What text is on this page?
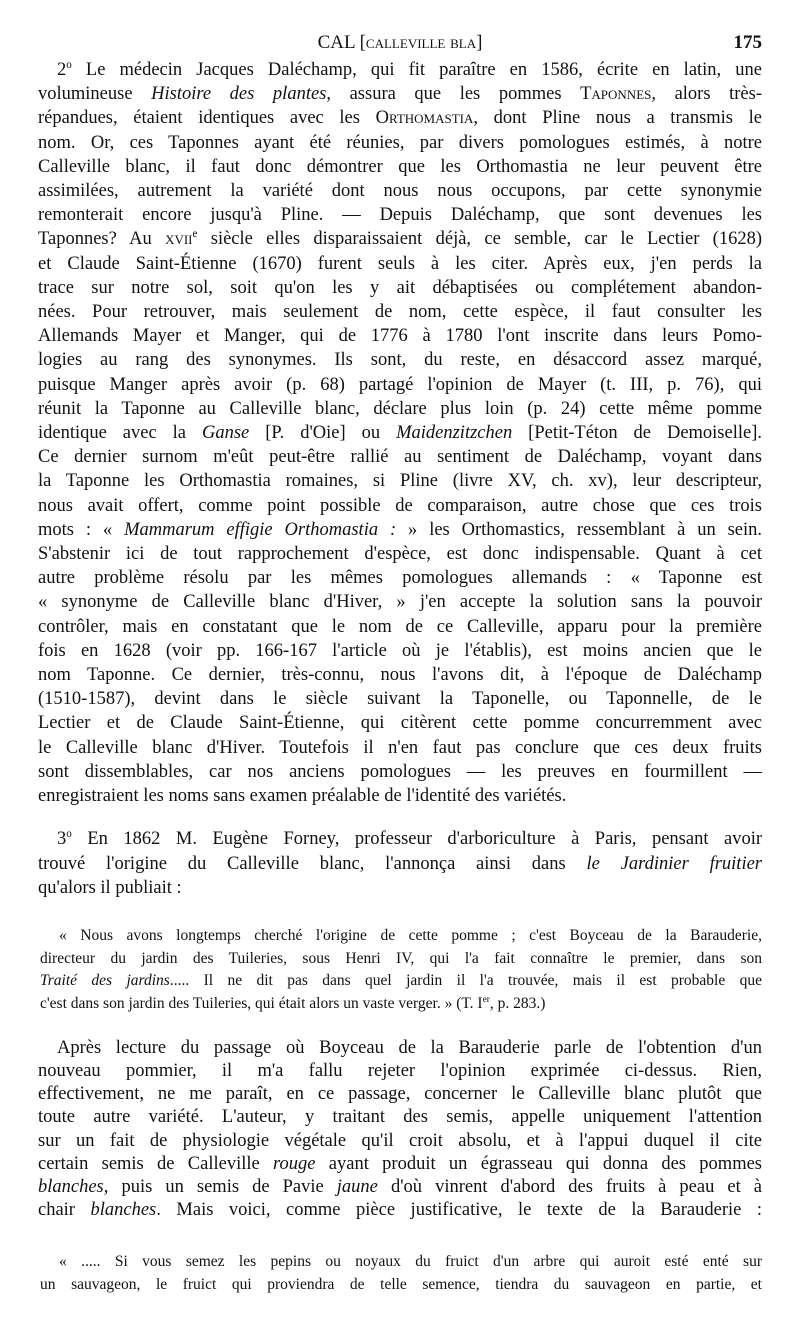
CAL [calleville bla]	175
2$^o$ Le médecin Jacques Daléchamp, qui fit paraître en 1586, écrite en latin, une
volumineuse Histoire des plantes, assura que les pommes Taponnes, alors très-
répandues, étaient identiques avec les Orthomastia, dont Pline nous a transmis le
nom. Or, ces Taponnes ayant été réunies, par divers pomologues estimés, à notre
Calleville blanc, il faut donc démontrer que les Orthomastia ne leur peuvent être
assimilées, autrement la variété dont nous nous occupons, par cette synonymie
remonterait encore jusqu'à Pline. — Depuis Daléchamp, que sont devenues les
Taponnes? Au xvii$^e$ siècle elles disparaissaient déjà, ce semble, car le Lectier (1628)
et Claude Saint-Étienne (1670) furent seuls à les citer. Après eux, j'en perds la
trace sur notre sol, soit qu'on les y ait débaptisées ou complétement abandon-
nées. Pour retrouver, mais seulement de nom, cette espèce, il faut consulter les
Allemands Mayer et Manger, qui de 1776 à 1780 l'ont inscrite dans leurs Pomo-
logies au rang des synonymes. Ils sont, du reste, en désaccord assez marqué,
puisque Manger après avoir (p. 68) partagé l'opinion de Mayer (t. III, p. 76), qui
réunit la Taponne au Calleville blanc, déclare plus loin (p. 24) cette même pomme
identique avec la Ganse [P. d'Oie] ou Maidenzitzchen [Petit-Téton de Demoiselle].
Ce dernier surnom m'eût peut-être rallié au sentiment de Daléchamp, voyant dans
la Taponne les Orthomastia romaines, si Pline (livre XV, ch. xv), leur descripteur,
nous avait offert, comme point possible de comparaison, autre chose que ces trois
mots : « Mammarum effigie Orthomastia : » les Orthomastics, ressemblant à un sein.
S'abstenir ici de tout rapprochement d'espèce, est donc indispensable. Quant à cet
autre problème résolu par les mêmes pomologues allemands : « Taponne est
« synonyme de Calleville blanc d'Hiver, » j'en accepte la solution sans la pouvoir
contrôler, mais en constatant que le nom de ce Calleville, apparu pour la première
fois en 1628 (voir pp. 166-167 l'article où je l'établis), est moins ancien que le
nom Taponne. Ce dernier, très-connu, nous l'avons dit, à l'époque de Daléchamp
(1510-1587), devint dans le siècle suivant la Taponelle, ou Taponnelle, de le
Lectier et de Claude Saint-Étienne, qui citèrent cette pomme concurremment avec
le Calleville blanc d'Hiver. Toutefois il n'en faut pas conclure que ces deux fruits
sont dissemblables, car nos anciens pomologues — les preuves en fourmillent —
enregistraient les noms sans examen préalable de l'identité des variétés.
3$^o$ En 1862 M. Eugène Forney, professeur d'arboriculture à Paris, pensant avoir
trouvé l'origine du Calleville blanc, l'annonça ainsi dans le Jardinier fruitier
qu'alors il publiait :
« Nous avons longtemps cherché l'origine de cette pomme ; c'est Boyceau de la Barauderie,
directeur du jardin des Tuileries, sous Henri IV, qui l'a fait connaître le premier, dans son
Traité des jardins..... Il ne dit pas dans quel jardin il l'a trouvée, mais il est probable que
c'est dans son jardin des Tuileries, qui était alors un vaste verger. » (T. Ier, p. 283.)
Après lecture du passage où Boyceau de la Barauderie parle de l'obtention d'un
nouveau pommier, il m'a fallu rejeter l'opinion exprimée ci-dessus. Rien,
effectivement, ne me paraît, en ce passage, concerner le Calleville blanc plutôt que
toute autre variété. L'auteur, y traitant des semis, appelle uniquement l'attention
sur un fait de physiologie végétale qu'il croit absolu, et à l'appui duquel il cite
certain semis de Calleville rouge ayant produit un égrasseau qui donna des pommes
blanches, puis un semis de Pavie jaune d'où vinrent d'abord des fruits à peau et à
chair blanches. Mais voici, comme pièce justificative, le texte de la Barauderie :
« ..... Si vous semez les pepins ou noyaux du fruict d'un arbre qui auroit esté enté sur
un sauvageon, le fruict qui proviendra de telle semence, tiendra du sauvageon en partie, et
